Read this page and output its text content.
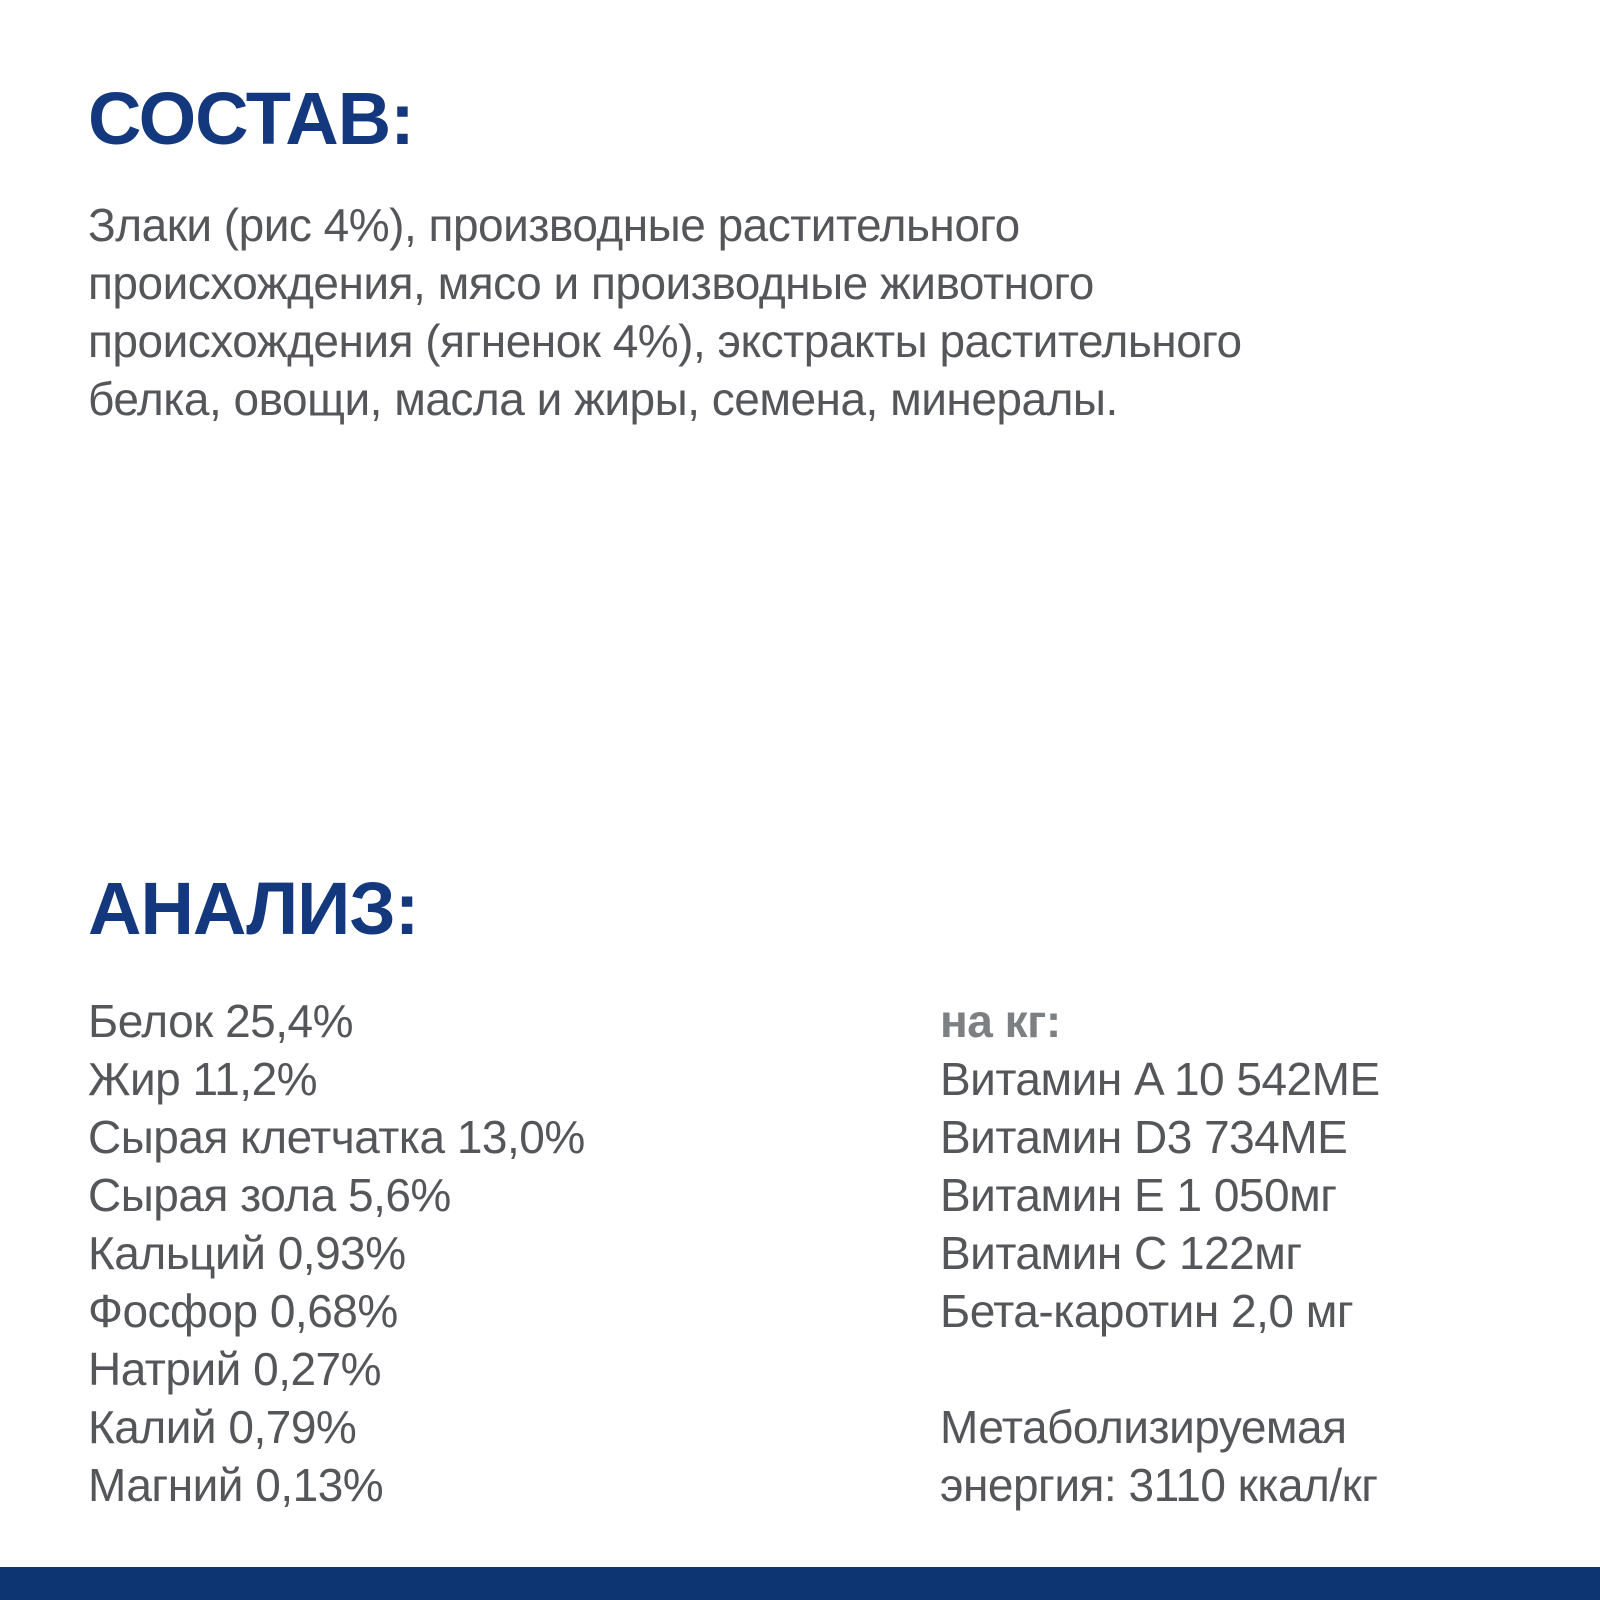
СОСТАВ:
Злаки (рис 4%), производные растительного
происхождения, мясо и производные животного
происхождения (ягненок 4%), экстракты растительного
белка, овощи, масла и жиры, семена, минералы.
АНАЛИЗ:
Белок 25,4%
Жир 11,2%
Сырая клетчатка 13,0%
Сырая зола 5,6%
Кальций 0,93%
Фосфор 0,68%
Натрий 0,27%
Калий 0,79%
Магний 0,13%
на кг:
Витамин A 10 542МЕ
Витамин D3 734МЕ
Витамин E 1 050мг
Витамин C 122мг
Бета-каротин 2,0 мг
Метаболизируемая
энергия: 3110 ккал/кг
